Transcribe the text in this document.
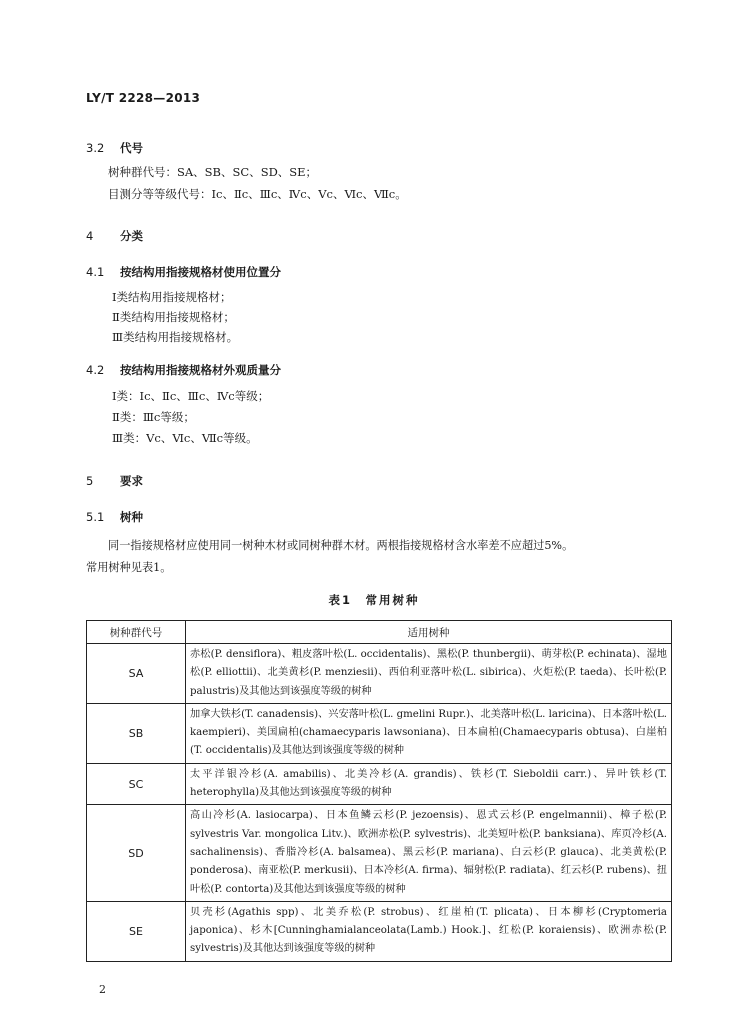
LY/T 2228—2013
3.2 代号
树种群代号：SA、SB、SC、SD、SE；
目测分等等级代号：Ⅰc、Ⅱc、Ⅲc、Ⅳc、Ⅴc、Ⅵc、Ⅶc。
4 分类
4.1 按结构用指接规格材使用位置分
Ⅰ类结构用指接规格材；
Ⅱ类结构用指接规格材；
Ⅲ类结构用指接规格材。
4.2 按结构用指接规格材外观质量分
Ⅰ类：Ⅰc、Ⅱc、Ⅲc、Ⅳc等级；
Ⅱ类：Ⅲc等级；
Ⅲ类：Ⅴc、Ⅵc、Ⅶc等级。
5 要求
5.1 树种
同一指接规格材应使用同一树种木材或同树种群木材。两根指接规格材含水率差不应超过5%。
常用树种见表1。
表1　常用树种
树种群代号	适用树种
SA	赤松(P. densiflora)、粗皮落叶松(L. occidentalis)、黑松(P. thunbergii)、萌芽松(P. echinata)、湿地松(P. elliottii)、北美黄杉(P. menziesii)、西伯利亚落叶松(L. sibirica)、火炬松(P. taeda)、长叶松(P. palustris)及其他达到该强度等级的树种
SB	加拿大铁杉(T. canadensis)、兴安落叶松(L. gmelini Rupr.)、北美落叶松(L. laricina)、日本落叶松(L. kaempieri)、美国扁柏(chamaecyparis lawsoniana)、日本扁柏(Chamaecyparis obtusa)、白崖柏(T. occidentalis)及其他达到该强度等级的树种
SC	太平洋银冷杉(A. amabilis)、北美冷杉(A. grandis)、铁杉(T. Sieboldii carr.)、异叶铁杉(T. heterophylla)及其他达到该强度等级的树种
SD	高山冷杉(A. lasiocarpa)、日本鱼鳞云杉(P. jezoensis)、恩式云杉(P. engelmannii)、樟子松(P. sylvestris Var. mongolica Litv.)、欧洲赤松(P. sylvestris)、北美短叶松(P. banksiana)、库页冷杉(A. sachalinensis)、香脂冷杉(A. balsamea)、黑云杉(P. mariana)、白云杉(P. glauca)、北美黄松(P. ponderosa)、南亚松(P. merkusii)、日本冷杉(A. firma)、辐射松(P. radiata)、红云杉(P. rubens)、扭叶松(P. contorta)及其他达到该强度等级的树种
SE	贝壳杉(Agathis spp)、北美乔松(P. strobus)、红崖柏(T. plicata)、日本柳杉(Cryptomeria japonica)、杉木[Cunninghamialanceolata(Lamb.) Hook.]、红松(P. koraiensis)、欧洲赤松(P. sylvestris)及其他达到该强度等级的树种
2
